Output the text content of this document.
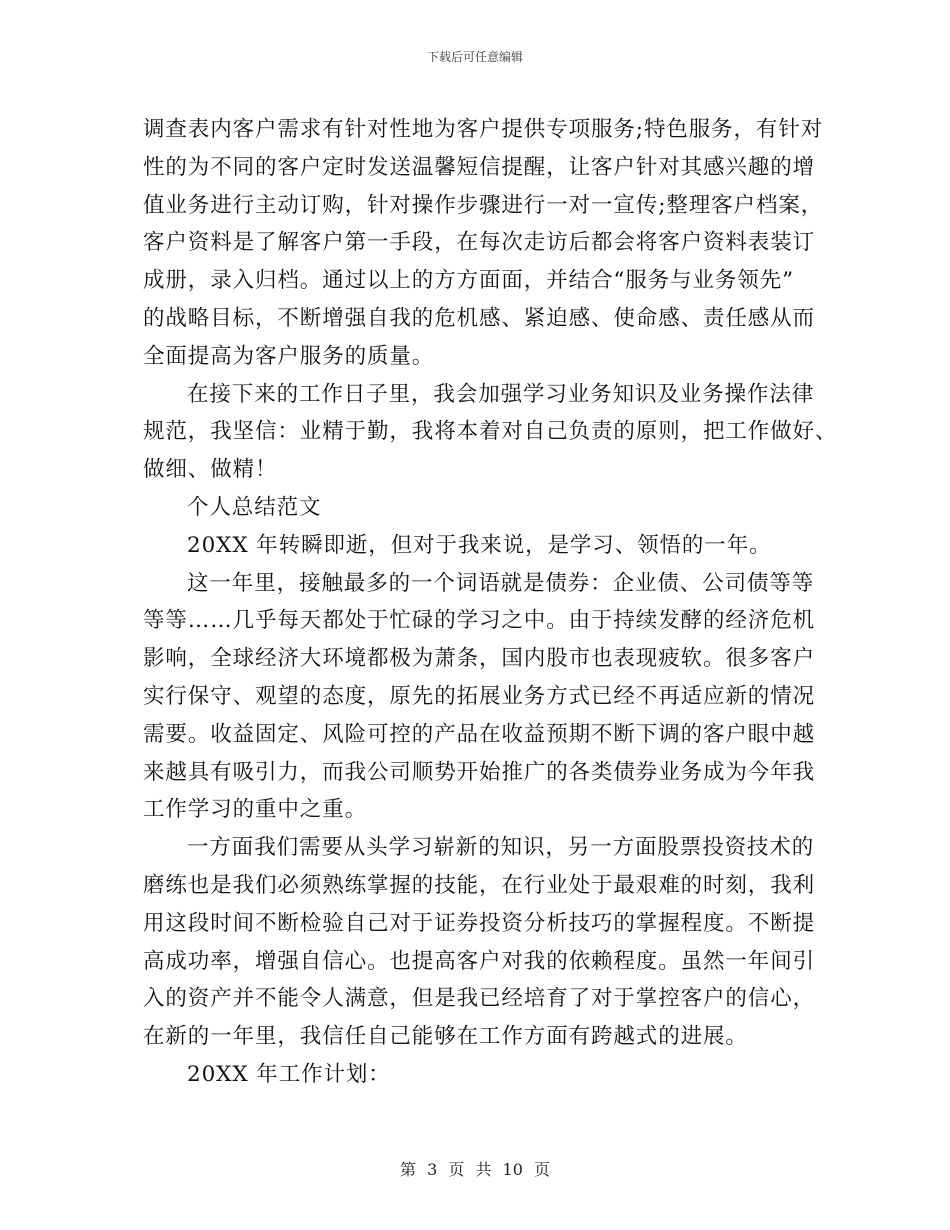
下载后可任意编辑
调查表内客户需求有针对性地为客户提供专项服务;特色服务，有针对
性的为不同的客户定时发送温馨短信提醒，让客户针对其感兴趣的增
值业务进行主动订购，针对操作步骤进行一对一宣传;整理客户档案，
客户资料是了解客户第一手段，在每次走访后都会将客户资料表装订
成册，录入归档。通过以上的方方面面，并结合“服务与业务领先”
的战略目标，不断增强自我的危机感、紧迫感、使命感、责任感从而
全面提高为客户服务的质量。
在接下来的工作日子里，我会加强学习业务知识及业务操作法律
规范，我坚信：业精于勤，我将本着对自己负责的原则，把工作做好、
做细、做精！
个人总结范文
20XX 年转瞬即逝，但对于我来说，是学习、领悟的一年。
这一年里，接触最多的一个词语就是债券：企业债、公司债等等
等等……几乎每天都处于忙碌的学习之中。由于持续发酵的经济危机
影响，全球经济大环境都极为萧条，国内股市也表现疲软。很多客户
实行保守、观望的态度，原先的拓展业务方式已经不再适应新的情况
需要。收益固定、风险可控的产品在收益预期不断下调的客户眼中越
来越具有吸引力，而我公司顺势开始推广的各类债券业务成为今年我
工作学习的重中之重。
一方面我们需要从头学习崭新的知识，另一方面股票投资技术的
磨练也是我们必须熟练掌握的技能，在行业处于最艰难的时刻，我利
用这段时间不断检验自己对于证券投资分析技巧的掌握程度。不断提
高成功率，增强自信心。也提高客户对我的依赖程度。虽然一年间引
入的资产并不能令人满意，但是我已经培育了对于掌控客户的信心，
在新的一年里，我信任自己能够在工作方面有跨越式的进展。
20XX 年工作计划：
第 3 页 共 10 页
